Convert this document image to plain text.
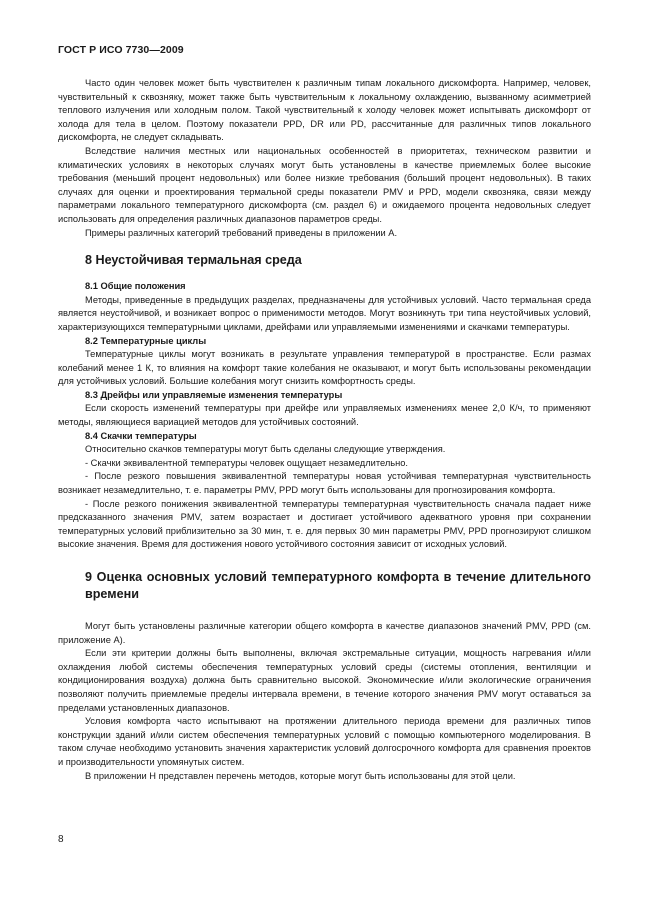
ГОСТ Р ИСО 7730—2009

Часто один человек может быть чувствителен к различным типам локального дискомфорта. Например, человек, чувствительный к сквозняку, может также быть чувствительным к локальному охлаждению, вызванному асимметрией теплового излучения или холодным полом. Такой чувствительный к холоду человек может испытывать дискомфорт от холода для тела в целом. Поэтому показатели PPD, DR или PD, рассчитанные для различных типов локального дискомфорта, не следует складывать.

Вследствие наличия местных или национальных особенностей в приоритетах, техническом развитии и климатических условиях в некоторых случаях могут быть установлены в качестве приемлемых более высокие требования (меньший процент недовольных) или более низкие требования (больший процент недовольных). В таких случаях для оценки и проектирования термальной среды показатели PMV и PPD, модели сквозняка, связи между параметрами локального температурного дискомфорта (см. раздел 6) и ожидаемого процента недовольных следует использовать для определения различных диапазонов параметров среды.

Примеры различных категорий требований приведены в приложении А.

8 Неустойчивая термальная среда
8.1 Общие положения

Методы, приведенные в предыдущих разделах, предназначены для устойчивых условий. Часто термальная среда является неустойчивой, и возникает вопрос о применимости методов. Могут возникнуть три типа неустойчивых условий, характеризующихся температурными циклами, дрейфами или управляемыми изменениями и скачками температуры.

8.2 Температурные циклы

Температурные циклы могут возникать в результате управления температурой в пространстве. Если размах колебаний менее 1 К, то влияния на комфорт такие колебания не оказывают, и могут быть использованы рекомендации для устойчивых условий. Большие колебания могут снизить комфортность среды.

8.3 Дрейфы или управляемые изменения температуры

Если скорость изменений температуры при дрейфе или управляемых изменениях менее 2,0 К/ч, то применяют методы, являющиеся вариацией методов для устойчивых состояний.

8.4 Скачки температуры

Относительно скачков температуры могут быть сделаны следующие утверждения.

- Скачки эквивалентной температуры человек ощущает незамедлительно.

- После резкого повышения эквивалентной температуры новая устойчивая температурная чувствительность возникает незамедлительно, т. е. параметры PMV, PPD могут быть использованы для прогнозирования комфорта.

- После резкого понижения эквивалентной температуры температурная чувствительность сначала падает ниже предсказанного значения PMV, затем возрастает и достигает устойчивого адекватного уровня при сохранении температурных условий приблизительно за 30 мин, т. е. для первых 30 мин параметры PMV, PPD прогнозируют слишком высокие значения. Время для достижения нового устойчивого состояния зависит от исходных условий.

9 Оценка основных условий температурного комфорта в течение длительного времени

Могут быть установлены различные категории общего комфорта в качестве диапазонов значений PMV, PPD (см. приложение А).

Если эти критерии должны быть выполнены, включая экстремальные ситуации, мощность нагревания и/или охлаждения любой системы обеспечения температурных условий среды (системы отопления, вентиляции и кондиционирования воздуха) должна быть сравнительно высокой. Экономические и/или экологические ограничения позволяют получить приемлемые пределы интервала времени, в течение которого значения PMV могут оставаться за пределами установленных диапазонов.

Условия комфорта часто испытывают на протяжении длительного периода времени для различных типов конструкции зданий и/или систем обеспечения температурных условий с помощью компьютерного моделирования. В таком случае необходимо установить значения характеристик условий долгосрочного комфорта для сравнения проектов и производительности упомянутых систем.

В приложении Н представлен перечень методов, которые могут быть использованы для этой цели.

8
